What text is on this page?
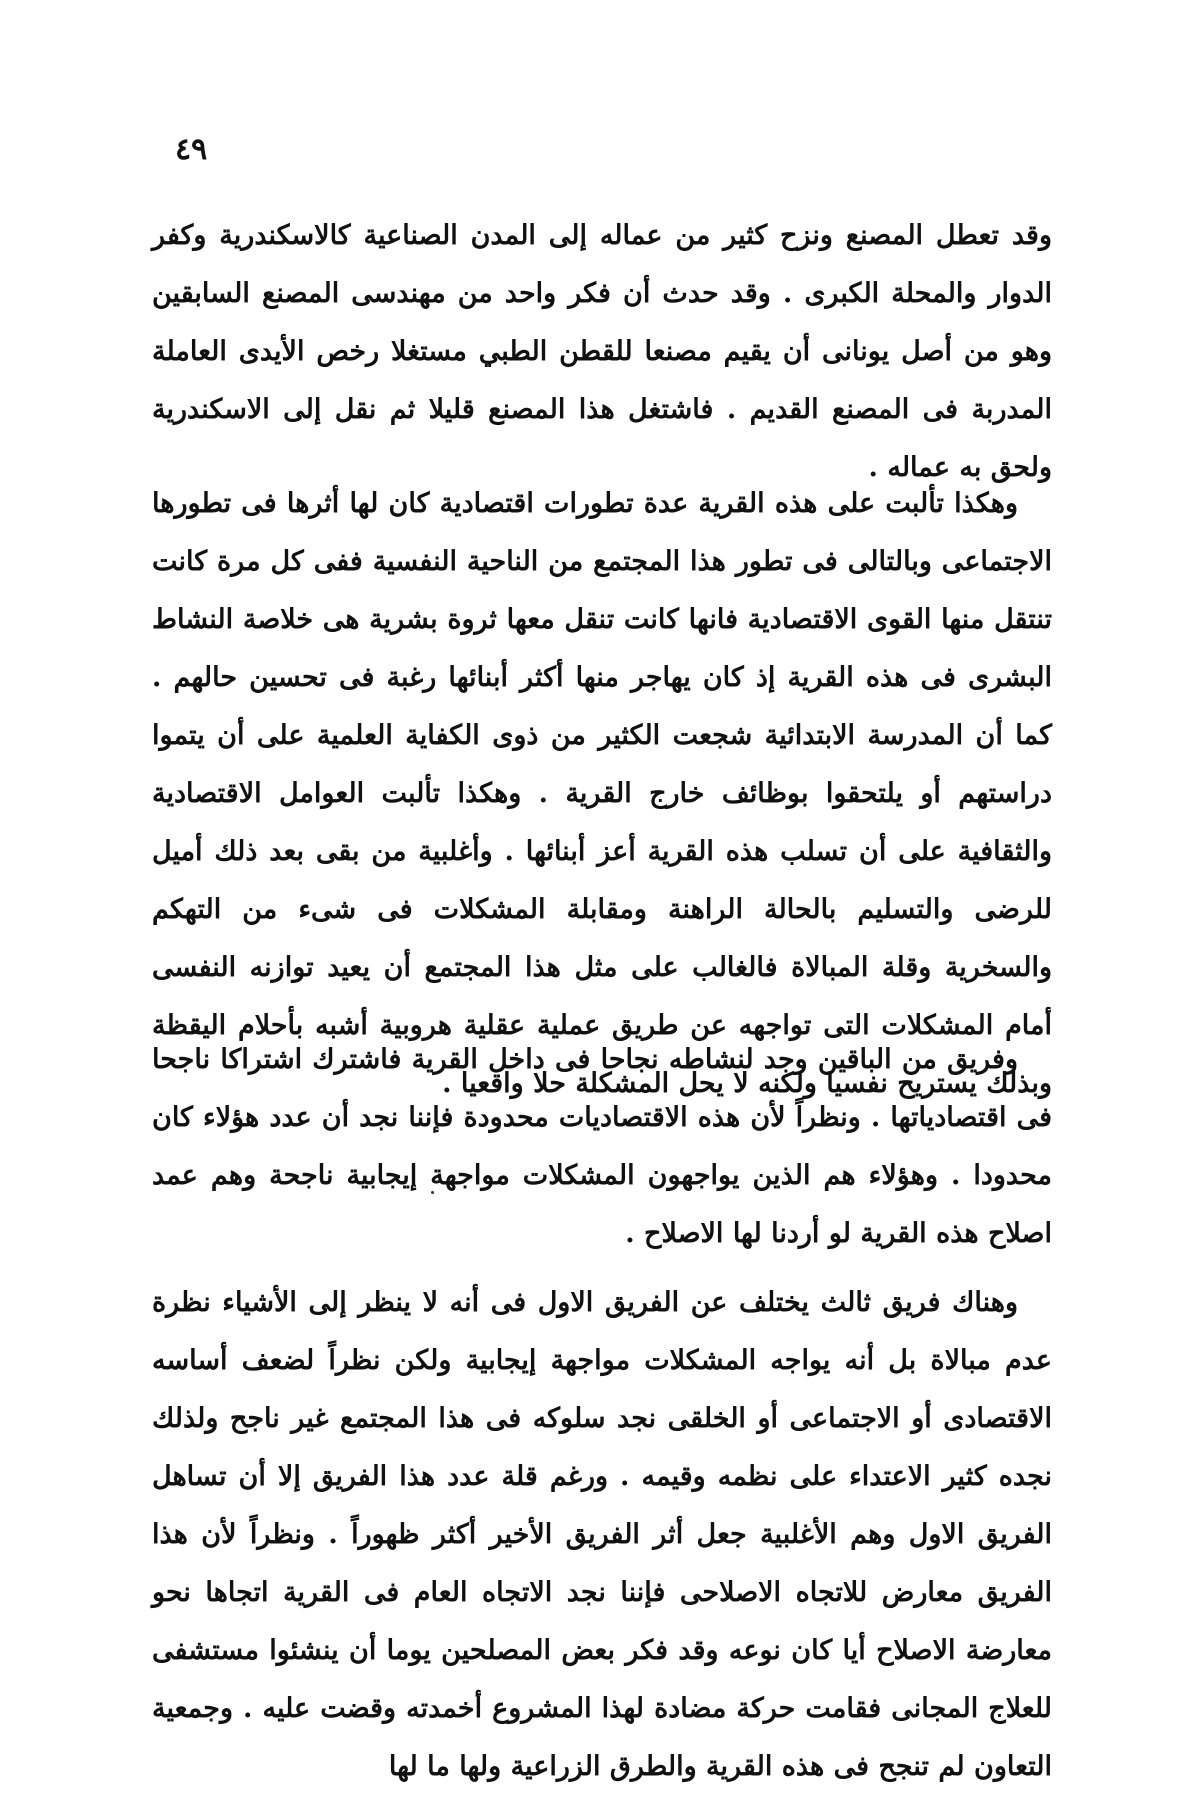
٤٩

وقد تعطل المصنع ونزح كثير من عماله إلى المدن الصناعية كالاسكندرية وكفر الدوار والمحلة الكبرى . وقد حدث أن فكر واحد من مهندسى المصنع السابقين وهو من أصل يونانى أن يقيم مصنعا للقطن الطبي مستغلا رخص الأيدى العاملة المدربة فى المصنع القديم . فاشتغل هذا المصنع قليلا ثم نقل إلى الاسكندرية ولحق به عماله .

وهكذا تألبت على هذه القرية عدة تطورات اقتصادية كان لها أثرها فى تطورها الاجتماعى وبالتالى فى تطور هذا المجتمع من الناحية النفسية ففى كل مرة كانت تنتقل منها القوى الاقتصادية فانها كانت تنقل معها ثروة بشرية هى خلاصة النشاط البشرى فى هذه القرية إذ كان يهاجر منها أكثر أبنائها رغبة فى تحسين حالهم . كما أن المدرسة الابتدائية شجعت الكثير من ذوى الكفاية العلمية على أن يتموا دراستهم أو يلتحقوا بوظائف خارج القرية . وهكذا تألبت العوامل الاقتصادية والثقافية على أن تسلب هذه القرية أعز أبنائها . وأغلبية من بقى بعد ذلك أميل للرضى والتسليم بالحالة الراهنة ومقابلة المشكلات فى شىء من التهكم والسخرية وقلة المبالاة فالغالب على مثل هذا المجتمع أن يعيد توازنه النفسى أمام المشكلات التى تواجهه عن طريق عملية عقلية هروبية أشبه بأحلام اليقظة وبذلك يستريح نفسيا ولكنه لا يحل المشكلة حلا واقعيا .

وفريق من الباقين وجد لنشاطه نجاحا فى داخل القرية فاشترك اشتراكا ناجحا فى اقتصادياتها . ونظراً لأن هذه الاقتصاديات محدودة فإننا نجد أن عدد هؤلاء كان محدودا . وهؤلاء هم الذين يواجهون المشكلات مواجهة إيجابية ناجحة وهم عمد اصلاح هذه القرية لو أردنا لها الاصلاح .

وهناك فريق ثالث يختلف عن الفريق الاول فى أنه لا ينظر إلى الأشياء نظرة عدم مبالاة بل أنه يواجه المشكلات مواجهة إيجابية ولكن نظراً لضعف أساسه الاقتصادى أو الاجتماعى أو الخلقى نجد سلوكه فى هذا المجتمع غير ناجح ولذلك نجده كثير الاعتداء على نظمه وقيمه . ورغم قلة عدد هذا الفريق إلا أن تساهل الفريق الاول وهم الأغلبية جعل أثر الفريق الأخير أكثر ظهوراً . ونظراً لأن هذا الفريق معارض للاتجاه الاصلاحى فإننا نجد الاتجاه العام فى القرية اتجاها نحو معارضة الاصلاح أيا كان نوعه وقد فكر بعض المصلحين يوما أن ينشئوا مستشفى للعلاج المجانى فقامت حركة مضادة لهذا المشروع أخمدته وقضت عليه . وجمعية التعاون لم تنجح فى هذه القرية والطرق الزراعية ولها ما لها
